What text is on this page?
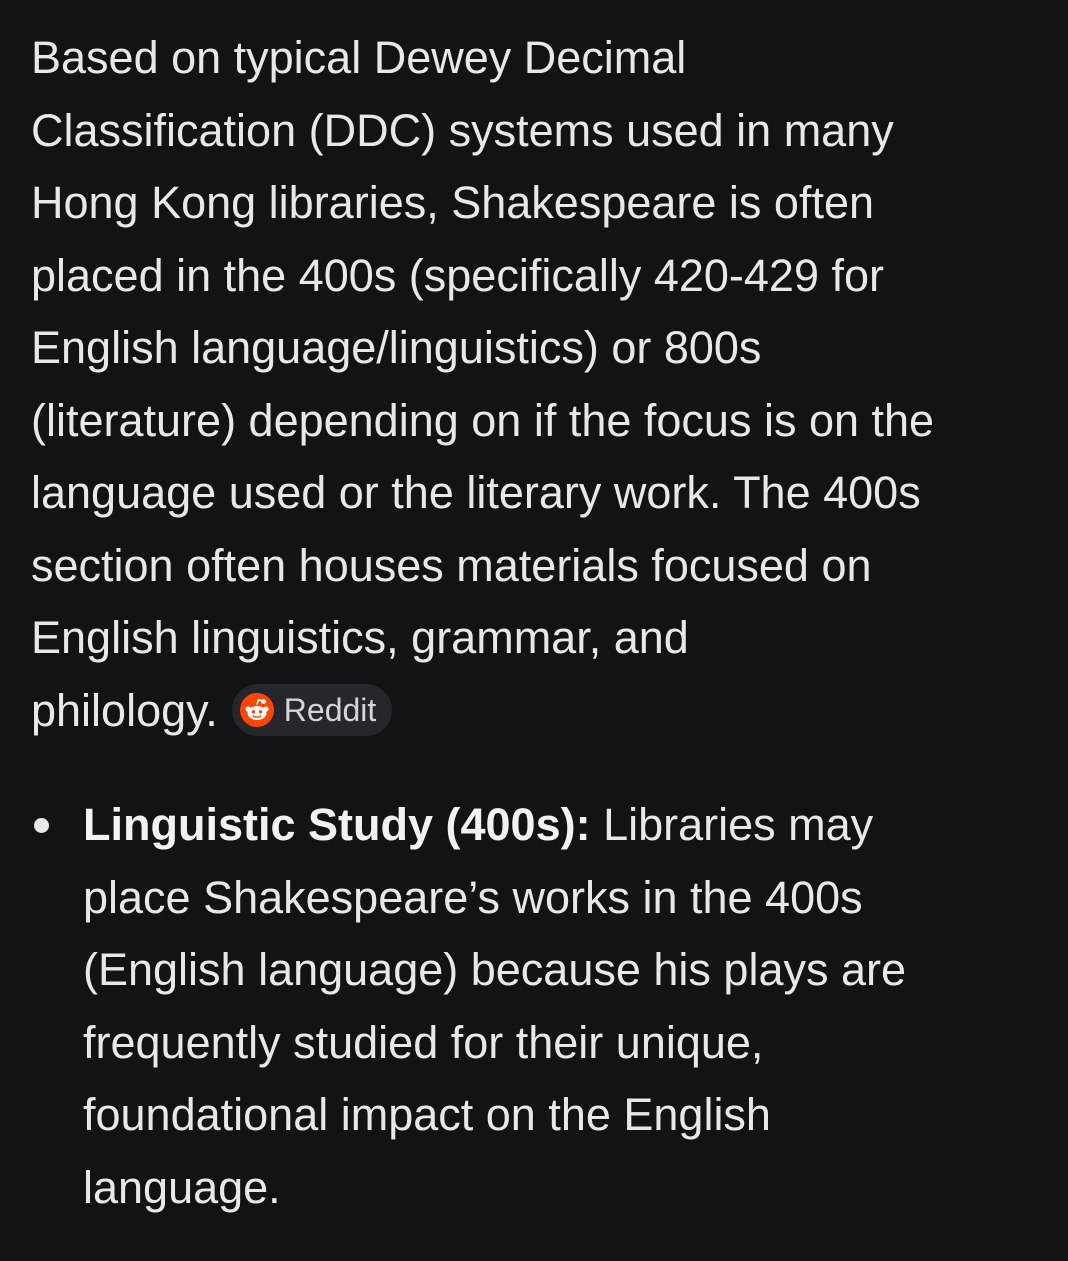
Based on typical Dewey Decimal
Classification (DDC) systems used in many
Hong Kong libraries, Shakespeare is often
placed in the 400s (specifically 420-429 for
English language/linguistics) or 800s
(literature) depending on if the focus is on the
language used or the literary work. The 400s
section often houses materials focused on
English linguistics, grammar, and
philology. Reddit

Linguistic Study (400s): Libraries may
place Shakespeare’s works in the 400s
(English language) because his plays are
frequently studied for their unique,
foundational impact on the English
language.
